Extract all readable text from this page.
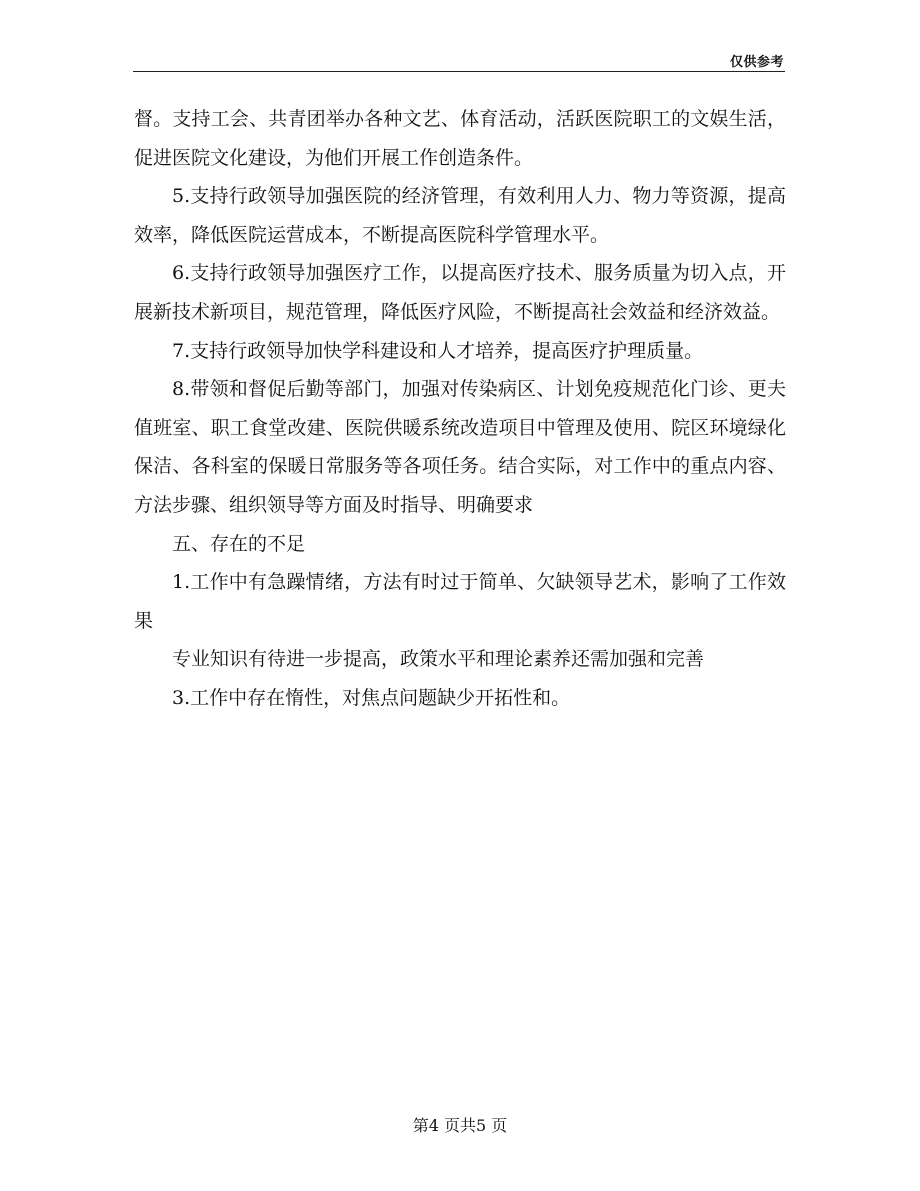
仅供参考

督。支持工会、共青团举办各种文艺、体育活动，活跃医院职工的文娱生活，促进医院文化建设，为他们开展工作创造条件。

5.支持行政领导加强医院的经济管理，有效利用人力、物力等资源，提高效率，降低医院运营成本，不断提高医院科学管理水平。

6.支持行政领导加强医疗工作，以提高医疗技术、服务质量为切入点，开展新技术新项目，规范管理，降低医疗风险，不断提高社会效益和经济效益。

7.支持行政领导加快学科建设和人才培养，提高医疗护理质量。

8.带领和督促后勤等部门，加强对传染病区、计划免疫规范化门诊、更夫值班室、职工食堂改建、医院供暖系统改造项目中管理及使用、院区环境绿化保洁、各科室的保暖日常服务等各项任务。结合实际，对工作中的重点内容、方法步骤、组织领导等方面及时指导、明确要求

五、存在的不足

1.工作中有急躁情绪，方法有时过于简单、欠缺领导艺术，影响了工作效果

专业知识有待进一步提高，政策水平和理论素养还需加强和完善

3.工作中存在惰性，对焦点问题缺少开拓性和。

第4 页共5 页
